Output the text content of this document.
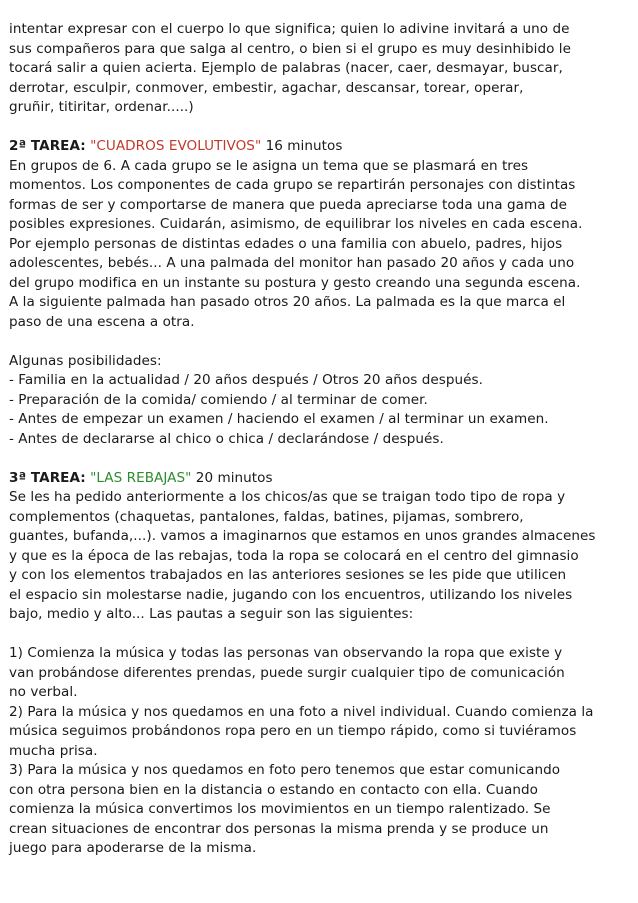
intentar expresar con el cuerpo lo que significa; quien lo adivine invitará a uno de
sus compañeros para que salga al centro, o bien si el grupo es muy desinhibido le
tocará salir a quien acierta. Ejemplo de palabras (nacer, caer, desmayar, buscar,
derrotar, esculpir, conmover, embestir, agachar, descansar, torear, operar,
gruñir, titiritar, ordenar.....)
2ª TAREA: "CUADROS EVOLUTIVOS" 16 minutos
En grupos de 6. A cada grupo se le asigna un tema que se plasmará en tres
momentos. Los componentes de cada grupo se repartirán personajes con distintas
formas de ser y comportarse de manera que pueda apreciarse toda una gama de
posibles expresiones. Cuidarán, asimismo, de equilibrar los niveles en cada escena.
Por ejemplo personas de distintas edades o una familia con abuelo, padres, hijos
adolescentes, bebés... A una palmada del monitor han pasado 20 años y cada uno
del grupo modifica en un instante su postura y gesto creando una segunda escena.
A la siguiente palmada han pasado otros 20 años. La palmada es la que marca el
paso de una escena a otra.
Algunas posibilidades:
- Familia en la actualidad / 20 años después / Otros 20 años después.
- Preparación de la comida/ comiendo / al terminar de comer.
- Antes de empezar un examen / haciendo el examen / al terminar un examen.
- Antes de declararse al chico o chica / declarándose / después.
3ª TAREA: "LAS REBAJAS" 20 minutos
Se les ha pedido anteriormente a los chicos/as que se traigan todo tipo de ropa y
complementos (chaquetas, pantalones, faldas, batines, pijamas, sombrero,
guantes, bufanda,...). vamos a imaginarnos que estamos en unos grandes almacenes
y que es la época de las rebajas, toda la ropa se colocará en el centro del gimnasio
y con los elementos trabajados en las anteriores sesiones se les pide que utilicen
el espacio sin molestarse nadie, jugando con los encuentros, utilizando los niveles
bajo, medio y alto... Las pautas a seguir son las siguientes:
1) Comienza la música y todas las personas van observando la ropa que existe y
van probándose diferentes prendas, puede surgir cualquier tipo de comunicación
no verbal.
2) Para la música y nos quedamos en una foto a nivel individual. Cuando comienza la
música seguimos probándonos ropa pero en un tiempo rápido, como si tuviéramos
mucha prisa.
3) Para la música y nos quedamos en foto pero tenemos que estar comunicando
con otra persona bien en la distancia o estando en contacto con ella. Cuando
comienza la música convertimos los movimientos en un tiempo ralentizado. Se
crean situaciones de encontrar dos personas la misma prenda y se produce un
juego para apoderarse de la misma.
